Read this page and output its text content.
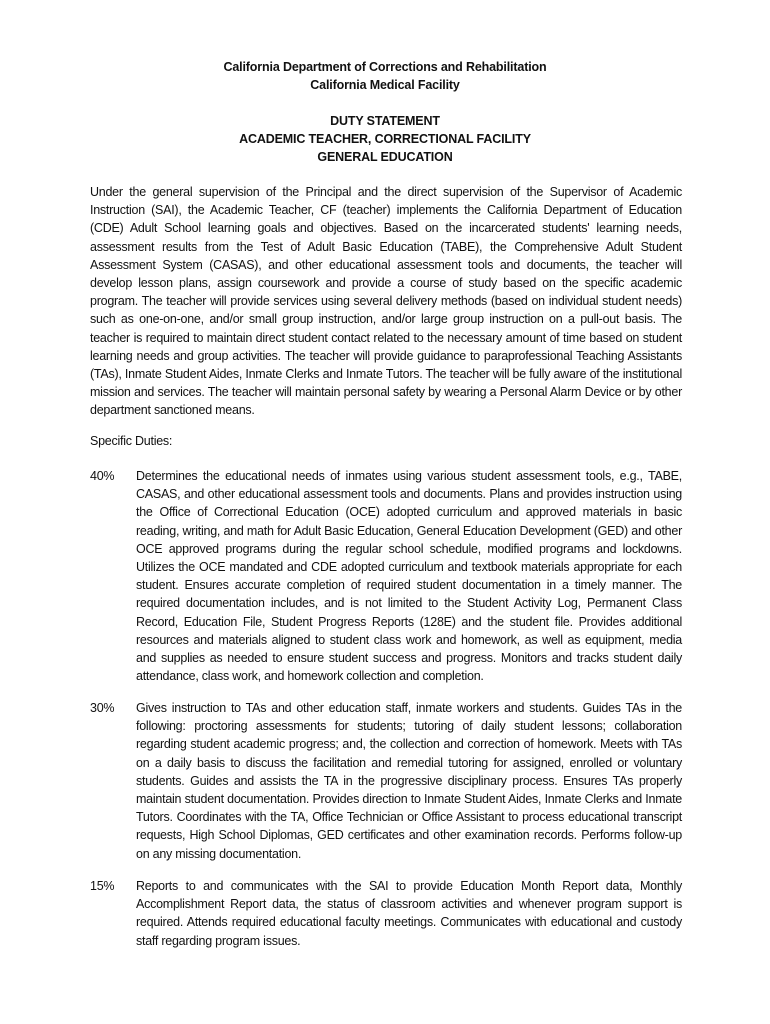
California Department of Corrections and Rehabilitation
California Medical Facility
DUTY STATEMENT
ACADEMIC TEACHER, CORRECTIONAL FACILITY
GENERAL EDUCATION
Under the general supervision of the Principal and the direct supervision of the Supervisor of Academic Instruction (SAI), the Academic Teacher, CF (teacher) implements the California Department of Education (CDE) Adult School learning goals and objectives. Based on the incarcerated students' learning needs, assessment results from the Test of Adult Basic Education (TABE), the Comprehensive Adult Student Assessment System (CASAS), and other educational assessment tools and documents, the teacher will develop lesson plans, assign coursework and provide a course of study based on the specific academic program. The teacher will provide services using several delivery methods (based on individual student needs) such as one-on-one, and/or small group instruction, and/or large group instruction on a pull-out basis. The teacher is required to maintain direct student contact related to the necessary amount of time based on student learning needs and group activities. The teacher will provide guidance to paraprofessional Teaching Assistants (TAs), Inmate Student Aides, Inmate Clerks and Inmate Tutors. The teacher will be fully aware of the institutional mission and services. The teacher will maintain personal safety by wearing a Personal Alarm Device or by other department sanctioned means.
Specific Duties:
40%	Determines the educational needs of inmates using various student assessment tools, e.g., TABE, CASAS, and other educational assessment tools and documents. Plans and provides instruction using the Office of Correctional Education (OCE) adopted curriculum and approved materials in basic reading, writing, and math for Adult Basic Education, General Education Development (GED) and other OCE approved programs during the regular school schedule, modified programs and lockdowns. Utilizes the OCE mandated and CDE adopted curriculum and textbook materials appropriate for each student. Ensures accurate completion of required student documentation in a timely manner. The required documentation includes, and is not limited to the Student Activity Log, Permanent Class Record, Education File, Student Progress Reports (128E) and the student file. Provides additional resources and materials aligned to student class work and homework, as well as equipment, media and supplies as needed to ensure student success and progress. Monitors and tracks student daily attendance, class work, and homework collection and completion.
30%	Gives instruction to TAs and other education staff, inmate workers and students. Guides TAs in the following: proctoring assessments for students; tutoring of daily student lessons; collaboration regarding student academic progress; and, the collection and correction of homework. Meets with TAs on a daily basis to discuss the facilitation and remedial tutoring for assigned, enrolled or voluntary students. Guides and assists the TA in the progressive disciplinary process. Ensures TAs properly maintain student documentation. Provides direction to Inmate Student Aides, Inmate Clerks and Inmate Tutors. Coordinates with the TA, Office Technician or Office Assistant to process educational transcript requests, High School Diplomas, GED certificates and other examination records. Performs follow-up on any missing documentation.
15%	Reports to and communicates with the SAI to provide Education Month Report data, Monthly Accomplishment Report data, the status of classroom activities and whenever program support is required. Attends required educational faculty meetings. Communicates with educational and custody staff regarding program issues.
